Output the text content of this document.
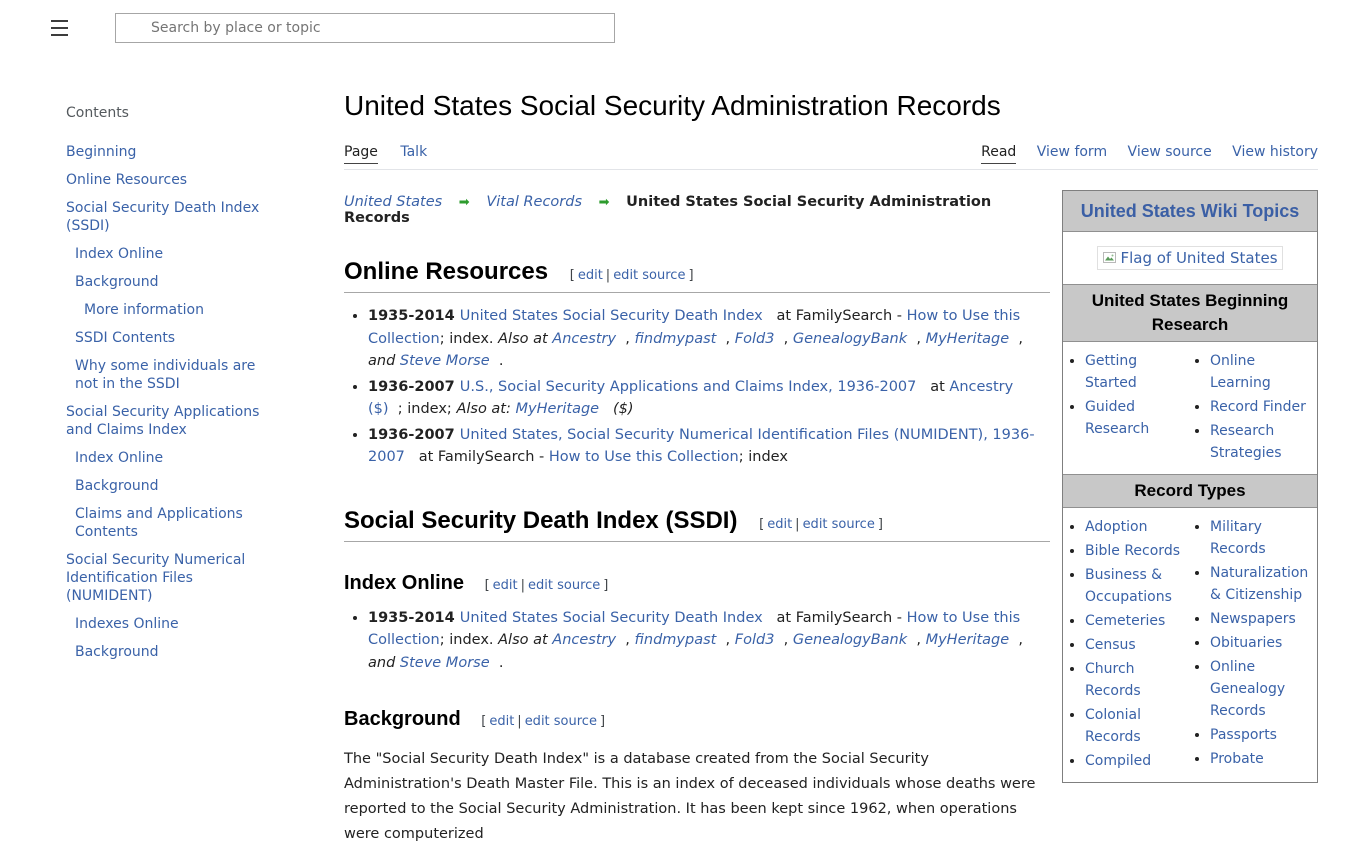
Search by place or topic
Contents
Beginning
Online Resources
Social Security Death Index (SSDI)
Index Online
Background
More information
SSDI Contents
Why some individuals are not in the SSDI
Social Security Applications and Claims Index
Index Online
Background
Claims and Applications Contents
Social Security Numerical Identification Files (NUMIDENT)
Indexes Online
Background
United States Social Security Administration Records
Page Talk	Read View form View source View history
United States ➡ Vital Records ➡ United States Social Security Administration Records
Online Resources [ edit | edit source ]
• 1935-2014 United States Social Security Death Index   at FamilySearch - How to Use this Collection; index. Also at Ancestry  , findmypast  , Fold3  , GenealogyBank  , MyHeritage  , and Steve Morse  .
• 1936-2007 U.S., Social Security Applications and Claims Index, 1936-2007   at Ancestry ($)  ; index; Also at: MyHeritage ($)
• 1936-2007 United States, Social Security Numerical Identification Files (NUMIDENT), 1936-2007   at FamilySearch - How to Use this Collection; index
Social Security Death Index (SSDI) [ edit | edit source ]
Index Online [ edit | edit source ]
• 1935-2014 United States Social Security Death Index   at FamilySearch - How to Use this Collection; index. Also at Ancestry  , findmypast  , Fold3  , GenealogyBank  , MyHeritage  , and Steve Morse  .
Background [ edit | edit source ]

The "Social Security Death Index" is a database created from the Social Security Administration's Death Master File. This is an index of deceased individuals whose deaths were reported to the Social Security Administration. It has been kept since 1962, when operations were computerized

United States Wiki Topics
Flag of United States
United States Beginning Research
• Getting Started
• Guided Research
• Online Learning
• Record Finder
• Research Strategies
Record Types
• Adoption
• Bible Records
• Business & Occupations
• Cemeteries
• Census
• Church Records
• Colonial Records
• Compiled
• Military Records
• Naturalization & Citizenship
• Newspapers
• Obituaries
• Online Genealogy Records
• Passports
• Probate
